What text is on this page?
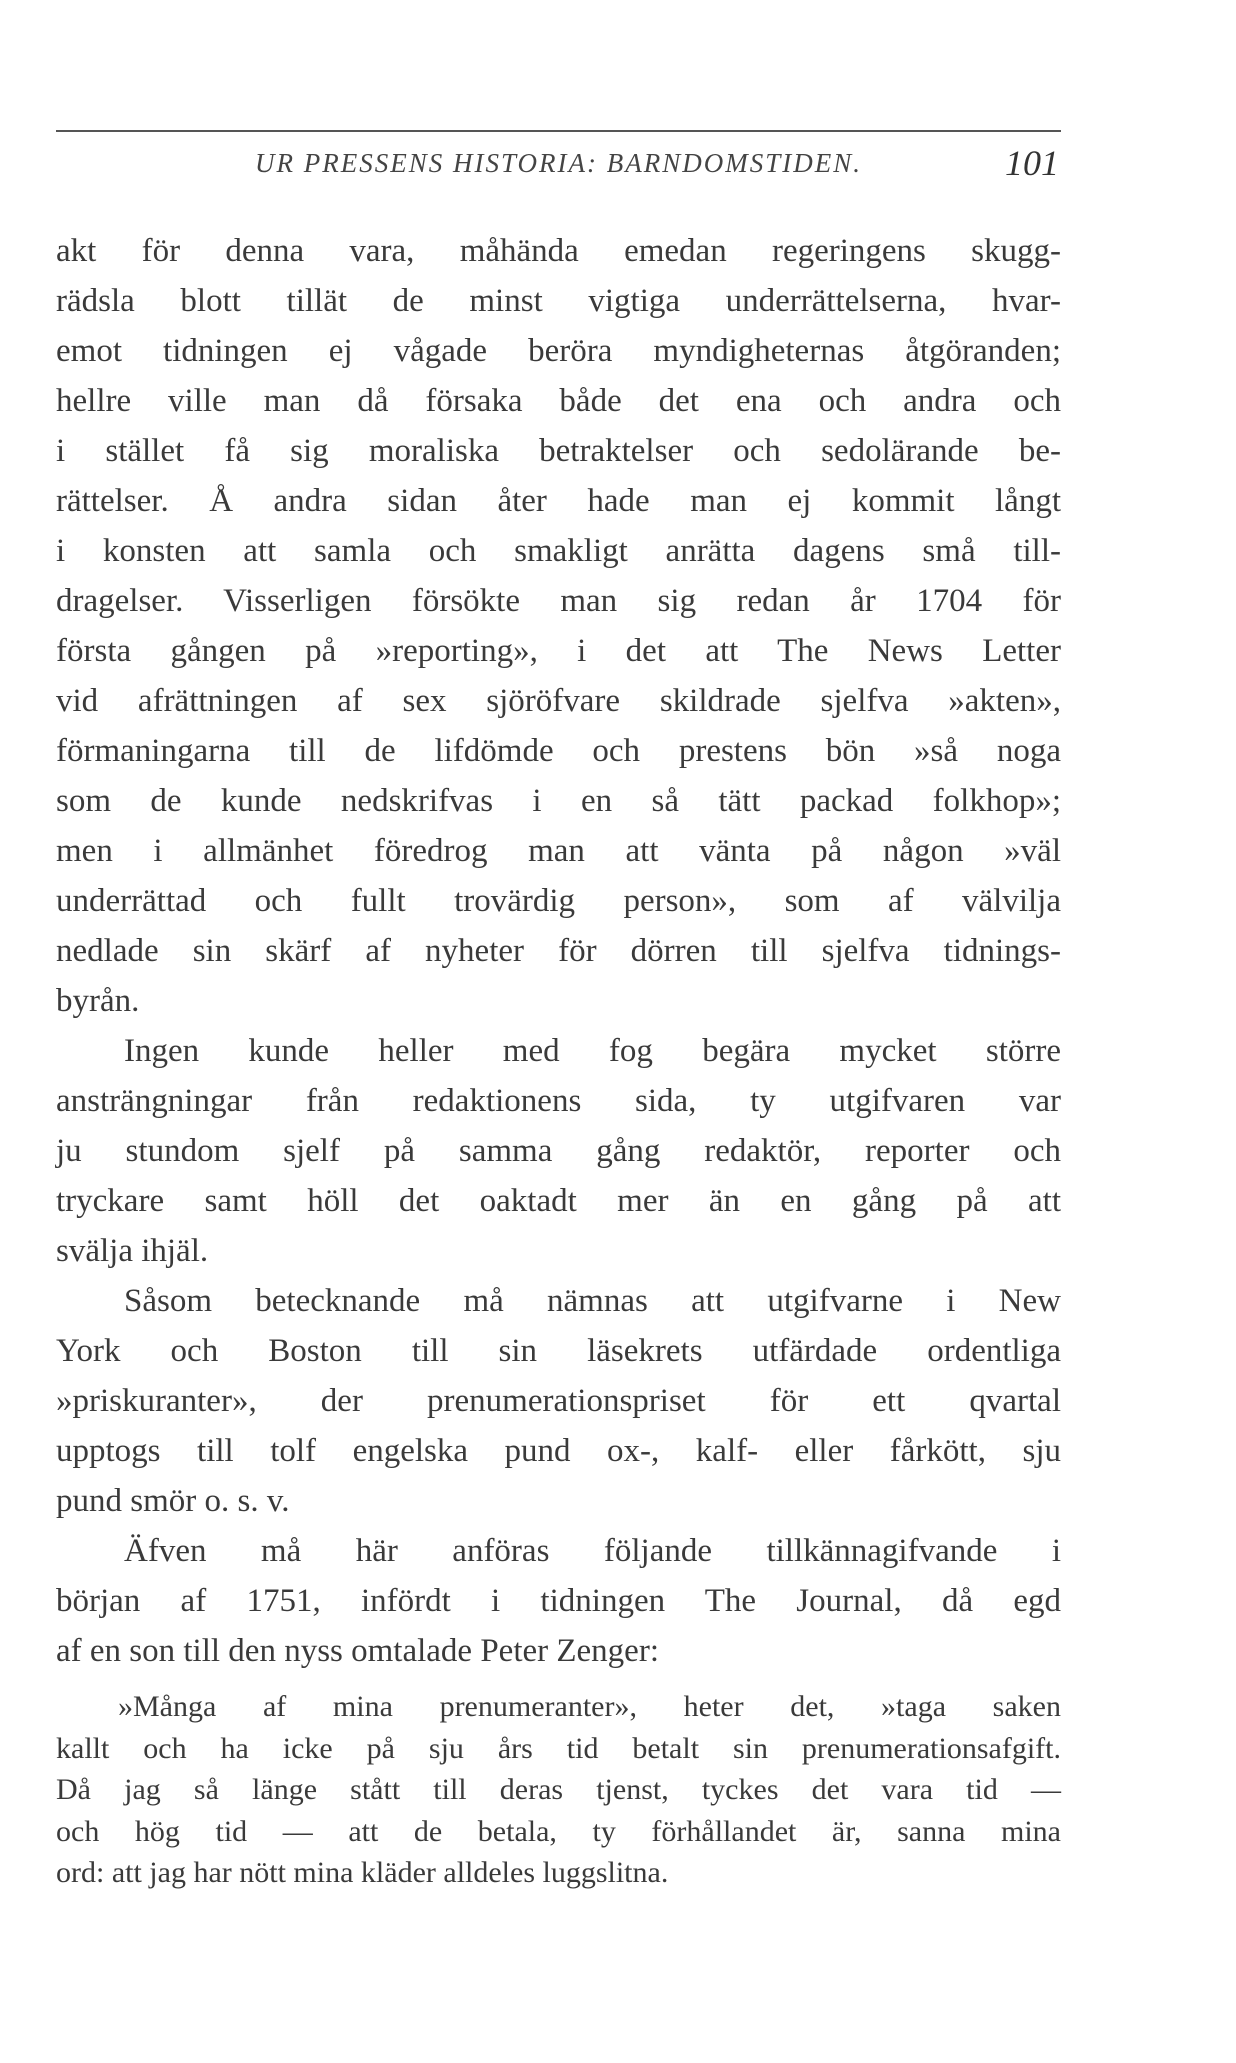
UR PRESSENS HISTORIA: BARNDOMSTIDEN.	101
akt för denna vara, måhända emedan regeringens skugg-
rädsla blott tillät de minst vigtiga underrättelserna, hvar-
emot tidningen ej vågade beröra myndigheternas åtgöranden;
hellre ville man då försaka både det ena och andra och
i stället få sig moraliska betraktelser och sedolärande be-
rättelser. Å andra sidan åter hade man ej kommit långt
i konsten att samla och smakligt anrätta dagens små till-
dragelser. Visserligen försökte man sig redan år 1704 för
första gången på »reporting», i det att The News Letter
vid afrättningen af sex sjöröfvare skildrade sjelfva »akten»,
förmaningarna till de lifdömde och prestens bön »så noga
som de kunde nedskrifvas i en så tätt packad folkhop»;
men i allmänhet föredrog man att vänta på någon »väl
underrättad och fullt trovärdig person», som af välvilja
nedlade sin skärf af nyheter för dörren till sjelfva tidnings-
byrån.
Ingen kunde heller med fog begära mycket större
ansträngningar från redaktionens sida, ty utgifvaren var
ju stundom sjelf på samma gång redaktör, reporter och
tryckare samt höll det oaktadt mer än en gång på att
svälja ihjäl.
Såsom betecknande må nämnas att utgifvarne i New
York och Boston till sin läsekrets utfärdade ordentliga
»priskuranter», der prenumerationspriset för ett qvartal
upptogs till tolf engelska pund ox-, kalf- eller fårkött, sju
pund smör o. s. v.
Äfven må här anföras följande tillkännagifvande i
början af 1751, infördt i tidningen The Journal, då egd
af en son till den nyss omtalade Peter Zenger:
»Många af mina prenumeranter», heter det, »taga saken
kallt och ha icke på sju års tid betalt sin prenumerationsafgift.
Då jag så länge stått till deras tjenst, tyckes det vara tid —
och hög tid — att de betala, ty förhållandet är, sanna mina
ord: att jag har nött mina kläder alldeles luggslitna.
